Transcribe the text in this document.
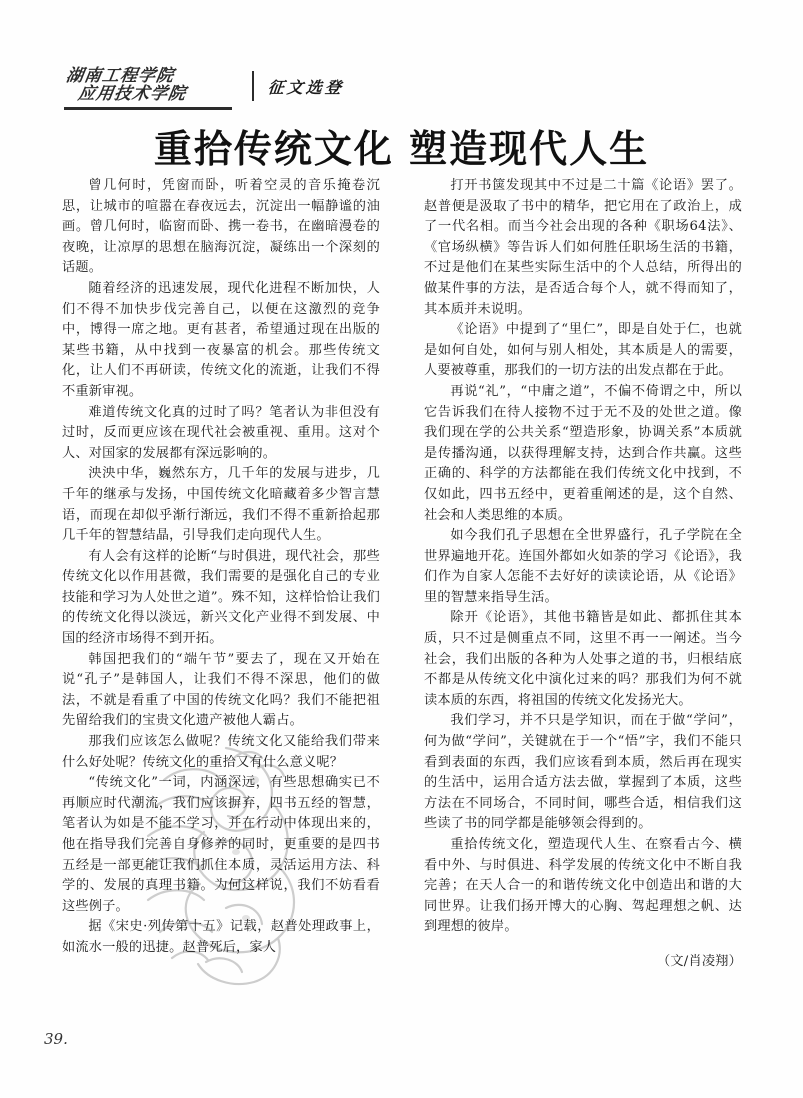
湖南工程学院
应用技术学院	征文选登
重拾传统文化 塑造现代人生

曾几何时，凭窗而卧，听着空灵的音乐掩卷沉思，让城市的喧嚣在春夜远去，沉淀出一幅静谧的油画。曾几何时，临窗而卧、携一卷书，在幽暗漫卷的夜晚，让凉厚的思想在脑海沉淀，凝练出一个深刻的话题。

随着经济的迅速发展，现代化进程不断加快，人们不得不加快步伐完善自己，以便在这激烈的竞争中，博得一席之地。更有甚者，希望通过现在出版的某些书籍，从中找到一夜暴富的机会。那些传统文化，让人们不再研读，传统文化的流逝，让我们不得不重新审视。

难道传统文化真的过时了吗？笔者认为非但没有过时，反而更应该在现代社会被重视、重用。这对个人、对国家的发展都有深远影响的。

泱泱中华，巍然东方，几千年的发展与进步，几千年的继承与发扬，中国传统文化暗藏着多少智言慧语，而现在却似乎渐行渐远，我们不得不重新拾起那几千年的智慧结晶，引导我们走向现代人生。

有人会有这样的论断“与时俱进，现代社会，那些传统文化以作用甚微，我们需要的是强化自己的专业技能和学习为人处世之道”。殊不知，这样恰恰让我们的传统文化得以淡远，新兴文化产业得不到发展、中国的经济市场得不到开拓。

韩国把我们的“端午节”要去了，现在又开始在说“孔子”是韩国人，让我们不得不深思，他们的做法，不就是看重了中国的传统文化吗？我们不能把祖先留给我们的宝贵文化遗产被他人霸占。

那我们应该怎么做呢？传统文化又能给我们带来什么好处呢？传统文化的重拾又有什么意义呢？

“传统文化”一词，内涵深远，有些思想确实已不再顺应时代潮流，我们应该摒弃，四书五经的智慧，笔者认为如是不能不学习，并在行动中体现出来的，他在指导我们完善自身修养的同时，更重要的是四书五经是一部更能让我们抓住本质，灵活运用方法、科学的、发展的真理书籍。为何这样说，我们不妨看看这些例子。

据《宋史·列传第十五》记载，赵普处理政事上，如流水一般的迅捷。赵普死后，家人

打开书箧发现其中不过是二十篇《论语》罢了。赵普便是汲取了书中的精华，把它用在了政治上，成了一代名相。而当今社会出现的各种《职场64法》、《官场纵横》等告诉人们如何胜任职场生活的书籍，不过是他们在某些实际生活中的个人总结，所得出的做某件事的方法，是否适合每个人，就不得而知了，其本质并未说明。

《论语》中提到了“里仁”，即是自处于仁，也就是如何自处，如何与别人相处，其本质是人的需要，人要被尊重，那我们的一切方法的出发点都在于此。

再说“礼”，“中庸之道”，不偏不倚谓之中，所以它告诉我们在待人接物不过于无不及的处世之道。像我们现在学的公共关系“塑造形象，协调关系”本质就是传播沟通，以获得理解支持，达到合作共赢。这些正确的、科学的方法都能在我们传统文化中找到，不仅如此，四书五经中，更着重阐述的是，这个自然、社会和人类思维的本质。

如今我们孔子思想在全世界盛行，孔子学院在全世界遍地开花。连国外都如火如荼的学习《论语》，我们作为自家人怎能不去好好的读读论语，从《论语》里的智慧来指导生活。

除开《论语》，其他书籍皆是如此、都抓住其本质，只不过是侧重点不同，这里不再一一阐述。当今社会，我们出版的各种为人处事之道的书，归根结底不都是从传统文化中演化过来的吗？那我们为何不就读本质的东西，将祖国的传统文化发扬光大。

我们学习，并不只是学知识，而在于做“学问”，何为做“学问”，关键就在于一个“悟”字，我们不能只看到表面的东西，我们应该看到本质，然后再在现实的生活中，运用合适方法去做，掌握到了本质，这些方法在不同场合，不同时间，哪些合适，相信我们这些读了书的同学都是能够领会得到的。

重拾传统文化，塑造现代人生、在察看古今、横看中外、与时俱进、科学发展的传统文化中不断自我完善；在天人合一的和谐传统文化中创造出和谐的大同世界。让我们扬开博大的心胸、驾起理想之帆、达到理想的彼岸。

（文/肖凌翔）

39.
